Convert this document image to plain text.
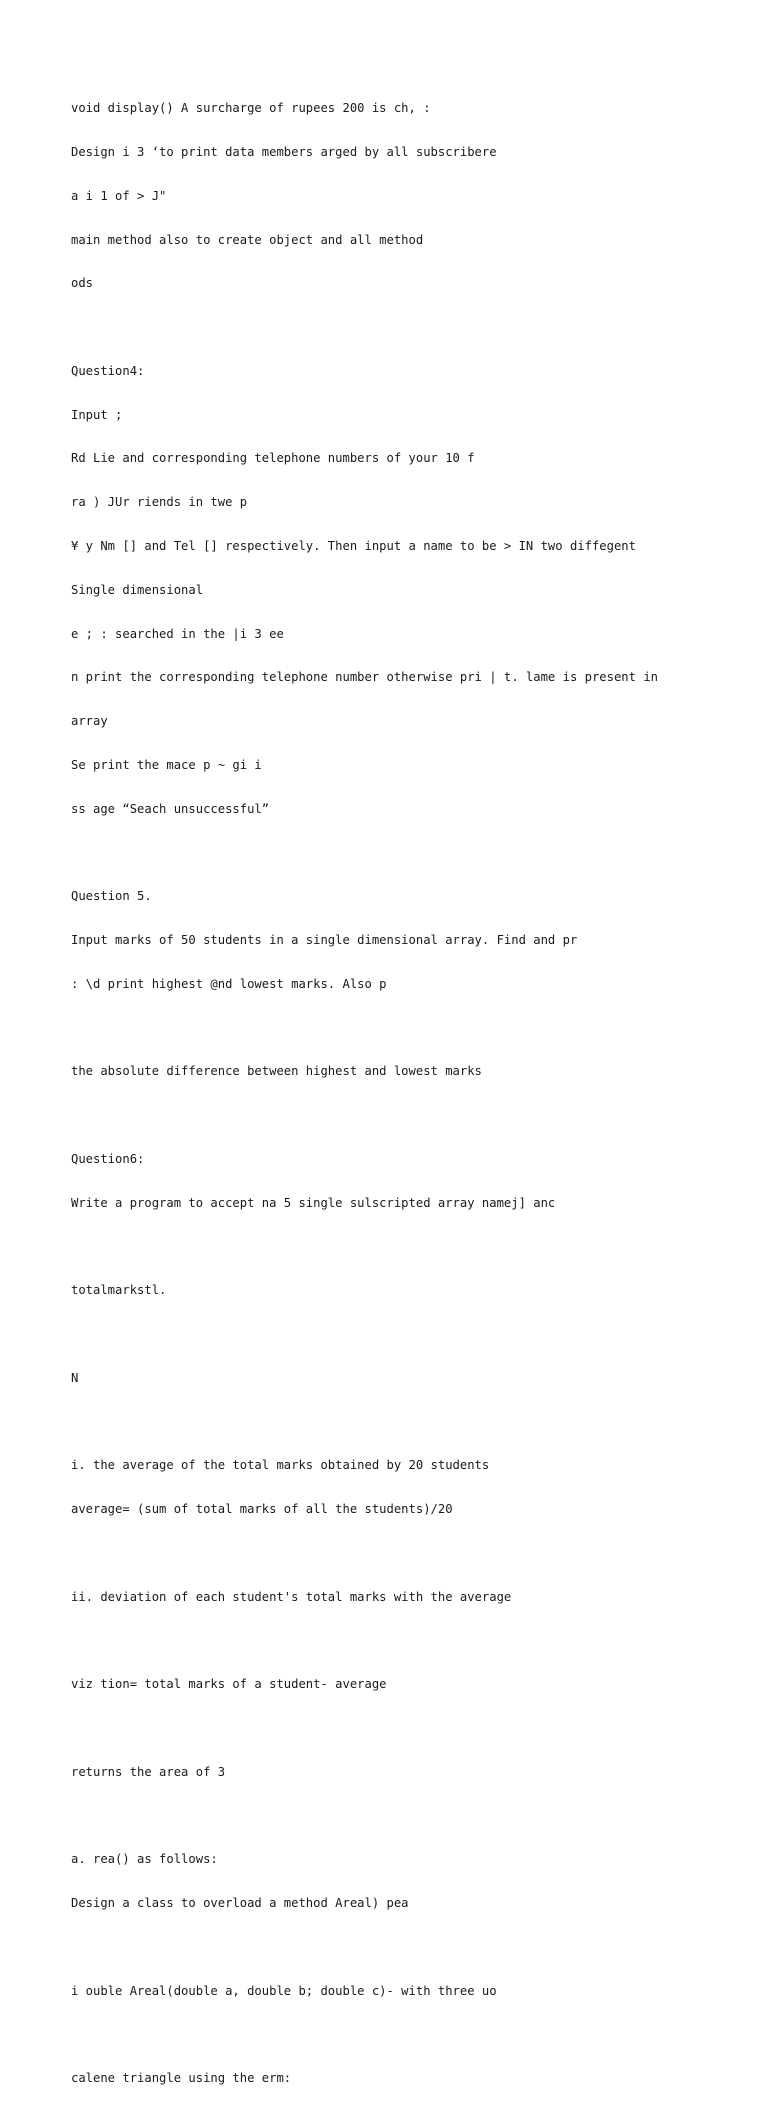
void display() A surcharge of rupees 200 is ch, :

Design i 3 ‘to print data members arged by all subscribere

a i 1 of > J"

main method also to create object and all method

ods

Question4:

Input ;

Rd Lie and corresponding telephone numbers of your 10 f

ra ) JUr riends in twe p

¥ y Nm [] and Tel [] respectively. Then input a name to be > IN two diffegent

Single dimensional

e ; : searched in the |i 3 ee

n print the corresponding telephone number otherwise pri | t. lame is present in

array

Se print the mace p ~ gi i

ss age “Seach unsuccessful”

Question 5.

Input marks of 50 students in a single dimensional array. Find and pr

: \d print highest @nd lowest marks. Also p

the absolute difference between highest and lowest marks

Question6:

Write a program to accept na 5 single sulscripted array namej] anc

totalmarkstl.

N

i. the average of the total marks obtained by 20 students

average= (sum of total marks of all the students)/20

ii. deviation of each student's total marks with the average

viz tion= total marks of a student- average

returns the area of 3

a. rea() as follows:

Design a class to overload a method Areal) pea

i ouble Areal(double a, double b; double c)- with three uo

calene triangle using the erm:
